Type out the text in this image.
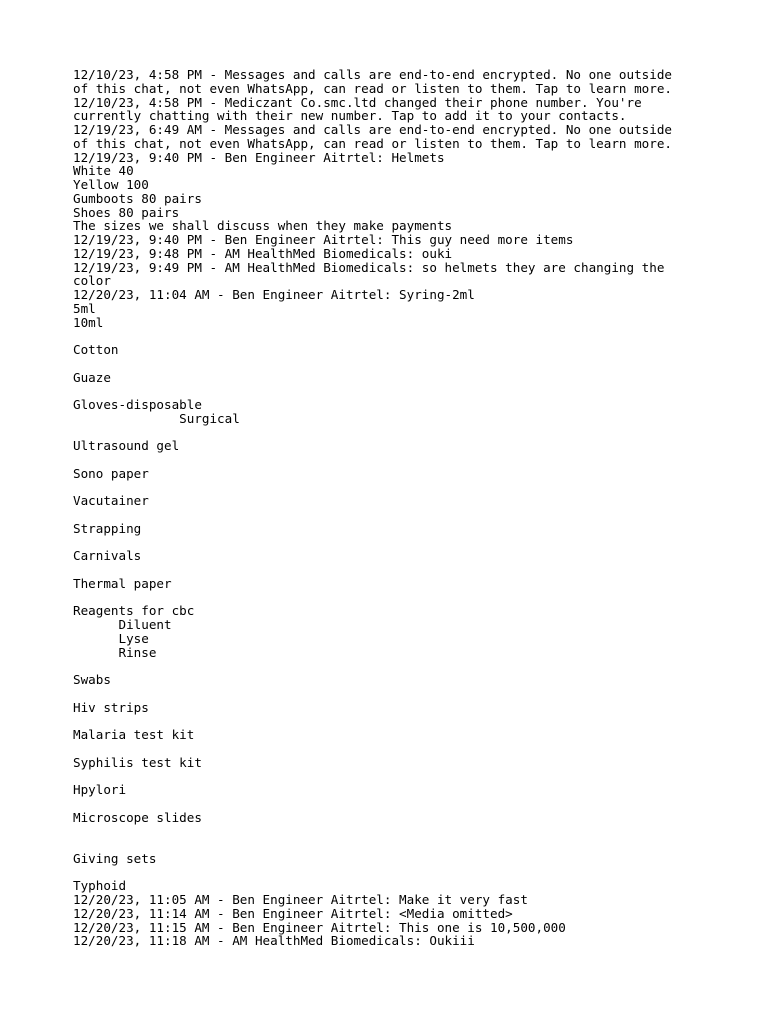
12/10/23, 4:58 PM - Messages and calls are end-to-end encrypted. No one outside
of this chat, not even WhatsApp, can read or listen to them. Tap to learn more.
12/10/23, 4:58 PM - Mediczant Co.smc.ltd changed their phone number. You're
currently chatting with their new number. Tap to add it to your contacts.
12/19/23, 6:49 AM - Messages and calls are end-to-end encrypted. No one outside
of this chat, not even WhatsApp, can read or listen to them. Tap to learn more.
12/19/23, 9:40 PM - Ben Engineer Aitrtel: Helmets
White 40
Yellow 100
Gumboots 80 pairs
Shoes 80 pairs
The sizes we shall discuss when they make payments
12/19/23, 9:40 PM - Ben Engineer Aitrtel: This guy need more items
12/19/23, 9:48 PM - AM HealthMed Biomedicals: ouki
12/19/23, 9:49 PM - AM HealthMed Biomedicals: so helmets they are changing the
color
12/20/23, 11:04 AM - Ben Engineer Aitrtel: Syring-2ml
5ml
10ml
Cotton
Guaze
Gloves-disposable
Surgical
Ultrasound gel
Sono paper
Vacutainer
Strapping
Carnivals
Thermal paper
Reagents for cbc
Diluent
Lyse
Rinse
Swabs
Hiv strips
Malaria test kit
Syphilis test kit
Hpylori
Microscope slides
Giving sets
Typhoid
12/20/23, 11:05 AM - Ben Engineer Aitrtel: Make it very fast
12/20/23, 11:14 AM - Ben Engineer Aitrtel: <Media omitted>
12/20/23, 11:15 AM - Ben Engineer Aitrtel: This one is 10,500,000
12/20/23, 11:18 AM - AM HealthMed Biomedicals: Oukiii
